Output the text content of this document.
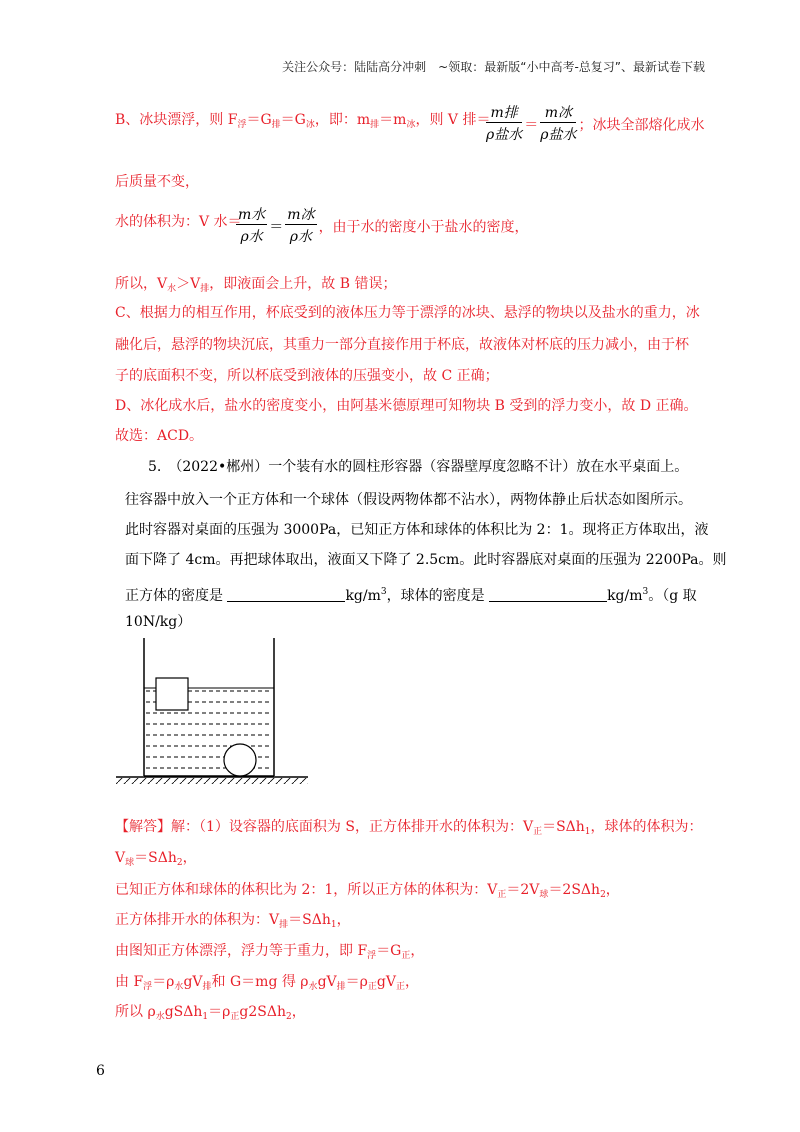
关注公众号：陆陆高分冲刺　~领取：最新版“小中高考-总复习”、最新试卷下载
B、冰块漂浮，则 $F_浮=G_排=G_冰$，即：$m_排=m_冰$，则 V 排＝
$\frac{\text{m排}}{\text{ρ盐水}} = \frac{\text{m冰}}{\text{ρ盐水}}$ ；冰块全部熔化成水
后质量不变，
水的体积为：V 水＝
$\frac{\text{m水}}{\text{ρ水}} = \frac{\text{m冰}}{\text{ρ水}}$ ，由于水的密度小于盐水的密度，
所以，$V_水>V_排$，即液面会上升，故 B 错误；
C、根据力的相互作用，杯底受到的液体压力等于漂浮的冰块、悬浮的物块以及盐水的重力，冰
融化后，悬浮的物块沉底，其重力一部分直接作用于杯底，故液体对杯底的压力减小，由于杯
子的底面积不变，所以杯底受到液体的压强变小，故 C 正确；
D、冰化成水后，盐水的密度变小，由阿基米德原理可知物块 B 受到的浮力变小，故 D 正确。
故选：ACD。
5.　（2022•郴州）一个装有水的圆柱形容器（容器壁厚度忽略不计）放在水平桌面上。
往容器中放入一个正方体和一个球体（假设两物体都不沾水），两物体静止后状态如图所示。
此时容器对桌面的压强为 3000Pa，已知正方体和球体的体积比为 2：1。现将正方体取出，液
面下降了 4cm。再把球体取出，液面又下降了 2.5cm。此时容器底对桌面的压强为 2200Pa。则
正方体的密度是	$kg/m^3$，球体的密度是	$kg/m^3$。（g 取
10N/kg）
【解答】解：（1）设容器的底面积为 S，正方体排开水的体积为：$V_正=S\Delta h_1$，球体的体积为：
$V_球=S\Delta h_2$，
已知正方体和球体的体积比为 2：1，所以正方体的体积为：$V_正=2V_球=2S\Delta h_2$，
正方体排开水的体积为：$V_排=S\Delta h_1$，
由图知正方体漂浮，浮力等于重力，即 $F_浮=G_正$，
由 $F_浮=\rho_水gV_排$和 G＝mg 得 $\rho_水gV_排=\rho_正gV_正$，
所以 $\rho_水gS\Delta h_1=\rho_正g2S\Delta h_2$，
6
